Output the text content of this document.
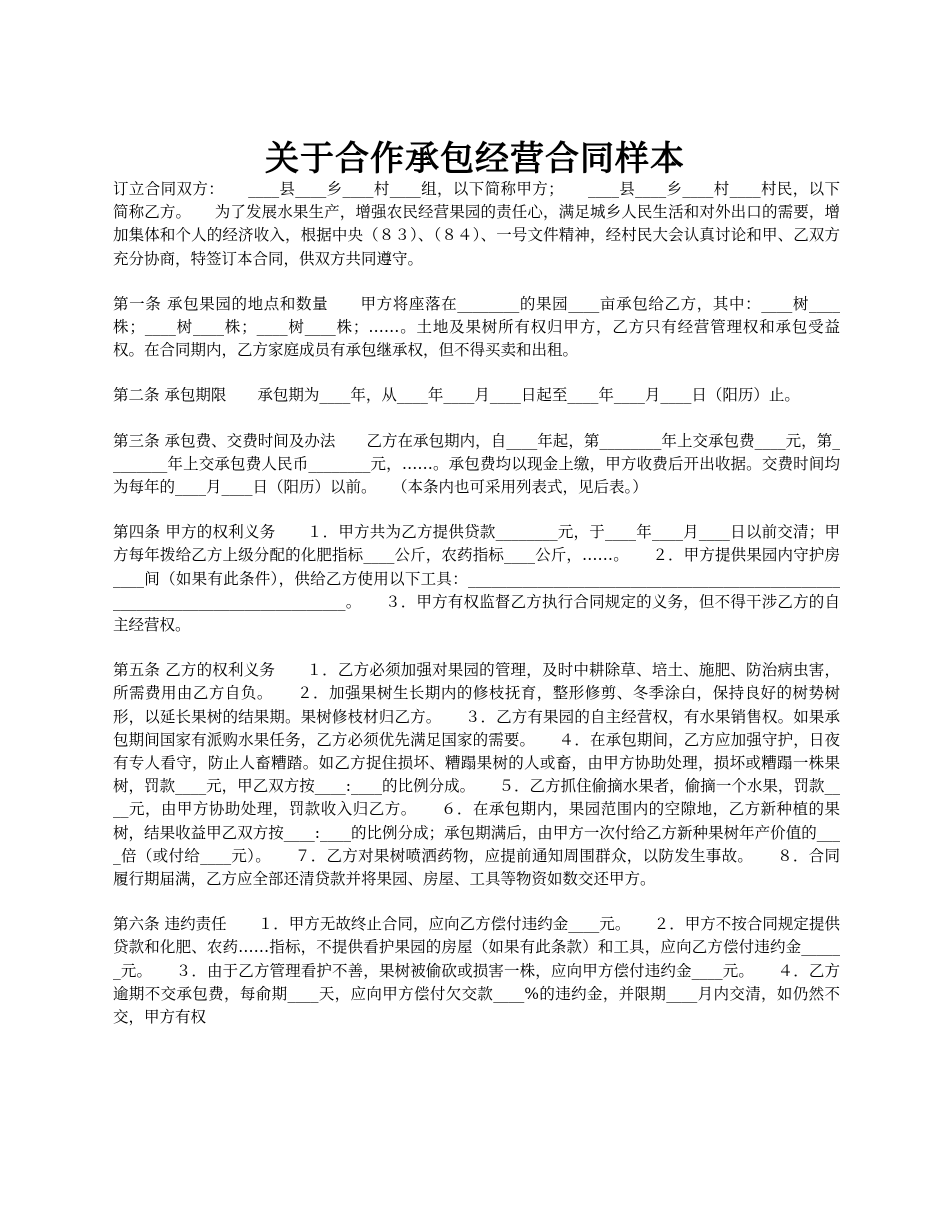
关于合作承包经营合同样本

订立合同双方：　　____县____乡____村____组，以下简称甲方；　　____县____乡____村____村民，以下简称乙方。　　为了发展水果生产，增强农民经营果园的责任心，满足城乡人民生活和对外出口的需要，增加集体和个人的经济收入，根据中央（８３）、（８４）、一号文件精神，经村民大会认真讨论和甲、乙双方充分协商，特签订本合同，供双方共同遵守。

第一条 承包果园的地点和数量　　甲方将座落在________的果园____亩承包给乙方，其中：____树____株；____树____株；____树____株；……。土地及果树所有权归甲方，乙方只有经营管理权和承包受益权。在合同期内，乙方家庭成员有承包继承权，但不得买卖和出租。

第二条 承包期限　　承包期为____年，从____年____月____日起至____年____月____日（阳历）止。

第三条 承包费、交费时间及办法　　乙方在承包期内，自____年起，第________年上交承包费____元，第________年上交承包费人民币________元，……。承包费均以现金上缴，甲方收费后开出收据。交费时间均为每年的____月____日（阳历）以前。　　（本条内也可采用列表式，见后表。）

第四条 甲方的权利义务　　１．甲方共为乙方提供贷款________元，于____年____月____日以前交清；甲方每年拨给乙方上级分配的化肥指标____公斤，农药指标____公斤，……。　　２．甲方提供果园内守护房____间（如果有此条件），供给乙方使用以下工具：______________________________________________________________________________。　　３．甲方有权监督乙方执行合同规定的义务，但不得干涉乙方的自主经营权。

第五条 乙方的权利义务　　１．乙方必须加强对果园的管理，及时中耕除草、培土、施肥、防治病虫害，所需费用由乙方自负。　　２．加强果树生长期内的修枝抚育，整形修剪、冬季涂白，保持良好的树势树形，以延长果树的结果期。果树修枝材归乙方。　　３．乙方有果园的自主经营权，有水果销售权。如果承包期间国家有派购水果任务，乙方必须优先满足国家的需要。　　４．在承包期间，乙方应加强守护，日夜有专人看守，防止人畜糟踏。如乙方捉住损坏、糟蹋果树的人或畜，由甲方协助处理，损坏或糟蹋一株果树，罚款____元，甲乙双方按____:____的比例分成。　　５．乙方抓住偷摘水果者，偷摘一个水果，罚款____元，由甲方协助处理，罚款收入归乙方。　　６．在承包期内，果园范围内的空隙地，乙方新种植的果树，结果收益甲乙双方按____:____的比例分成；承包期满后，由甲方一次付给乙方新种果树年产价值的____倍（或付给____元）。　　７．乙方对果树喷洒药物，应提前通知周围群众，以防发生事故。　　８．合同履行期届满，乙方应全部还清贷款并将果园、房屋、工具等物资如数交还甲方。

第六条 违约责任　　１．甲方无故终止合同，应向乙方偿付违约金____元。　　２．甲方不按合同规定提供贷款和化肥、农药……指标，不提供看护果园的房屋（如果有此条款）和工具，应向乙方偿付违约金______元。　　３．由于乙方管理看护不善，果树被偷砍或损害一株，应向甲方偿付违约金____元。　　４．乙方逾期不交承包费，每俞期____天，应向甲方偿付欠交款____%的违约金，并限期____月内交清，如仍然不交，甲方有权
